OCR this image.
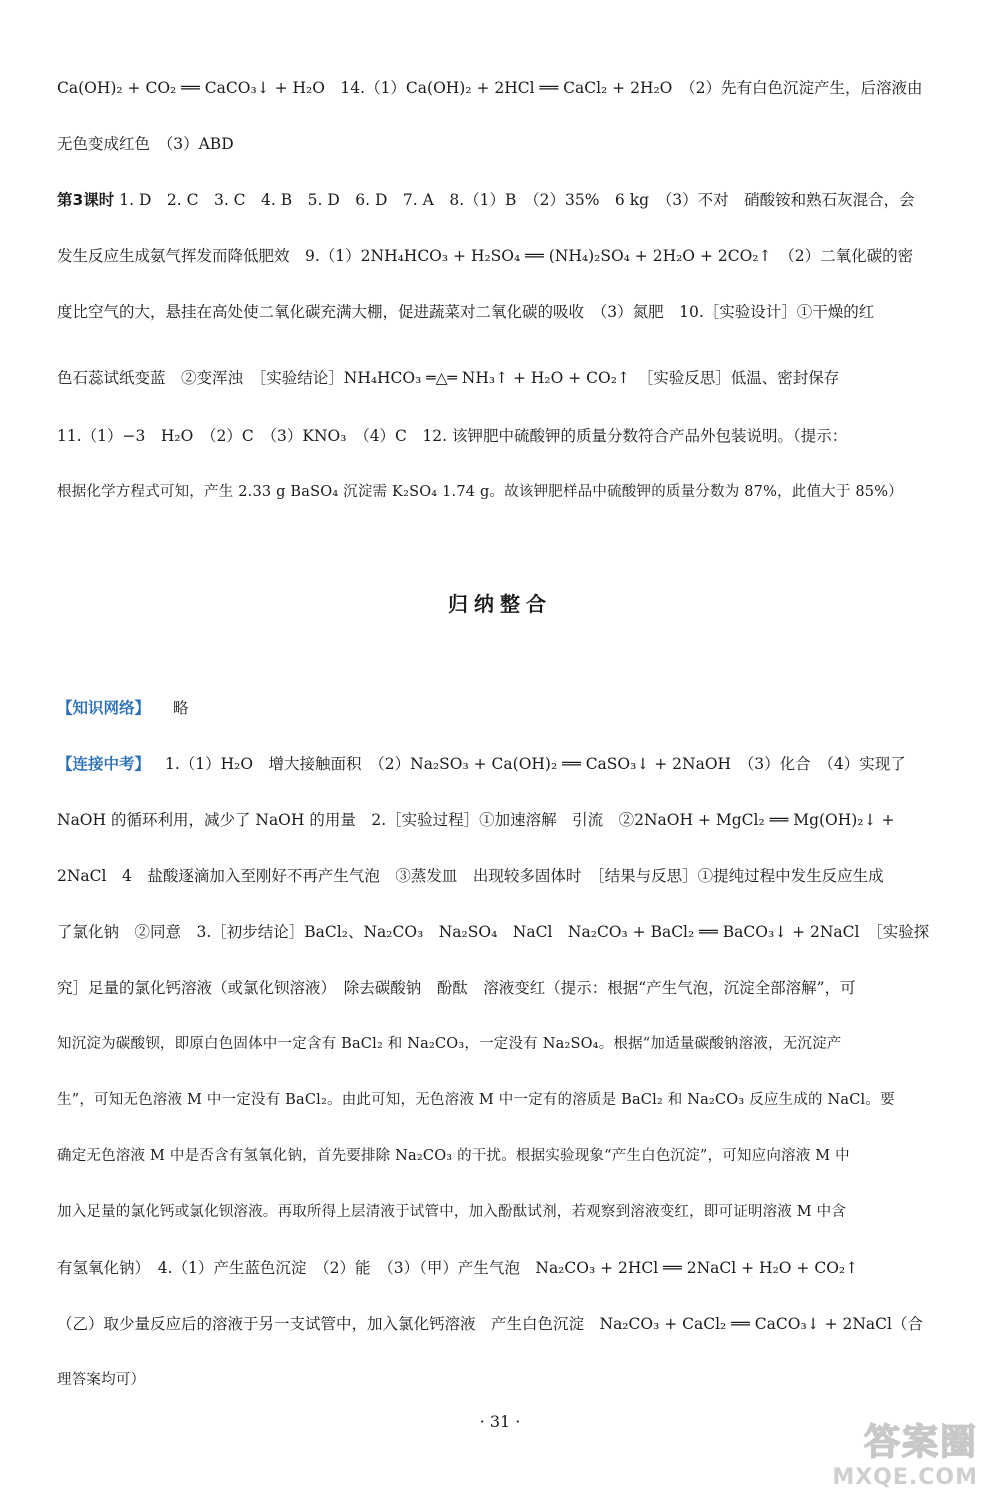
Ca(OH)₂ + CO₂ ══ CaCO₃↓ + H₂O　14.（1）Ca(OH)₂ + 2HCl ══ CaCl₂ + 2H₂O　（2）先有白色沉淀产生，后溶液由
无色变成红色　（3）ABD
第3课时 1. D　2. C　3. C　4. B　5. D　6. D　7. A　8.（1）B　（2）35%　6 kg　（3）不对　硝酸铵和熟石灰混合，会
发生反应生成氨气挥发而降低肥效　9.（1）2NH₄HCO₃ + H₂SO₄ ══ (NH₄)₂SO₄ + 2H₂O + 2CO₂↑　（2）二氧化碳的密
度比空气的大，悬挂在高处使二氧化碳充满大棚，促进蔬菜对二氧化碳的吸收　（3）氮肥　10.［实验设计］①干燥的红
色石蕊试纸变蓝　②变浑浊　［实验结论］NH₄HCO₃ ═△═ NH₃↑ + H₂O + CO₂↑　［实验反思］低温、密封保存
11.（1）−3　H₂O　（2）C　（3）KNO₃　（4）C　12. 该钾肥中硫酸钾的质量分数符合产品外包装说明。（提示：
根据化学方程式可知，产生 2.33 g BaSO₄ 沉淀需 K₂SO₄ 1.74 g。故该钾肥样品中硫酸钾的质量分数为 87%，此值大于 85%）
归纳整合
【知识网络】 略
【连接中考】 1.（1）H₂O　增大接触面积　（2）Na₂SO₃ + Ca(OH)₂ ══ CaSO₃↓ + 2NaOH　（3）化合　（4）实现了
NaOH 的循环利用，减少了 NaOH 的用量　2.［实验过程］①加速溶解　引流　②2NaOH + MgCl₂ ══ Mg(OH)₂↓ +
2NaCl　4　盐酸逐滴加入至刚好不再产生气泡　③蒸发皿　出现较多固体时　［结果与反思］①提纯过程中发生反应生成
了氯化钠　②同意　3.［初步结论］BaCl₂、Na₂CO₃　Na₂SO₄　NaCl　Na₂CO₃ + BaCl₂ ══ BaCO₃↓ + 2NaCl　［实验探
究］足量的氯化钙溶液（或氯化钡溶液）　除去碳酸钠　酚酞　溶液变红（提示：根据“产生气泡，沉淀全部溶解”，可
知沉淀为碳酸钡，即原白色固体中一定含有 BaCl₂ 和 Na₂CO₃，一定没有 Na₂SO₄。根据“加适量碳酸钠溶液，无沉淀产
生”，可知无色溶液 M 中一定没有 BaCl₂。由此可知，无色溶液 M 中一定有的溶质是 BaCl₂ 和 Na₂CO₃ 反应生成的 NaCl。要
确定无色溶液 M 中是否含有氢氧化钠，首先要排除 Na₂CO₃ 的干扰。根据实验现象“产生白色沉淀”，可知应向溶液 M 中
加入足量的氯化钙或氯化钡溶液。再取所得上层清液于试管中，加入酚酞试剂，若观察到溶液变红，即可证明溶液 M 中含
有氢氧化钠）　4.（1）产生蓝色沉淀　（2）能　（3）（甲）产生气泡　Na₂CO₃ + 2HCl ══ 2NaCl + H₂O + CO₂↑
（乙）取少量反应后的溶液于另一支试管中，加入氯化钙溶液　产生白色沉淀　Na₂CO₃ + CaCl₂ ══ CaCO₃↓ + 2NaCl（合
理答案均可）
· 31 ·
答案圈
MXQE.COM
